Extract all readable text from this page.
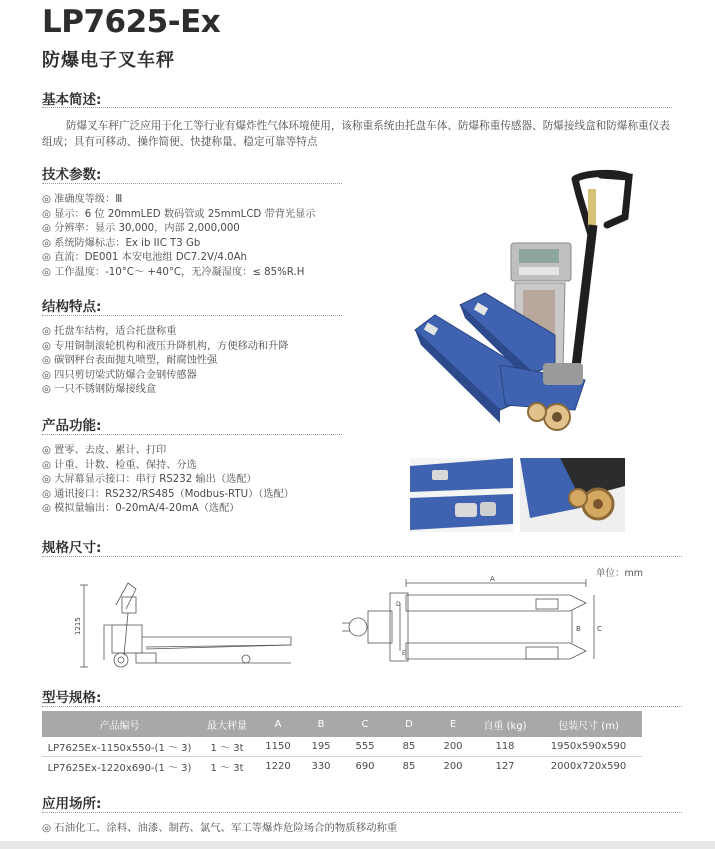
LP7625-Ex
防爆电子叉车秤
基本简述:
防爆叉车秤广泛应用于化工等行业有爆炸性气体环境使用，该称重系统由托盘车体、防爆称重传感器、防爆接线盒和防爆称重仪表组成；具有可移动、操作简便、快捷称量、稳定可靠等特点
技术参数:
◎ 准确度等级：Ⅲ
◎ 显示：6 位 20mmLED 数码管或 25mmLCD 带背光显示
◎ 分辨率：显示 30,000，内部 2,000,000
◎ 系统防爆标志：Ex ib IIC T3 Gb
◎ 直流：DE001 本安电池组 DC7.2V/4.0Ah
◎ 工作温度：-10°C～ +40°C，无冷凝湿度：≤ 85%R.H
结构特点:
◎ 托盘车结构，适合托盘称重
◎ 专用铜制滚轮机构和液压升降机构，方便移动和升降
◎ 碳钢秤台表面抛丸喷塑，耐腐蚀性强
◎ 四只剪切梁式防爆合金钢传感器
◎ 一只不锈钢防爆接线盒
产品功能:
◎ 置零、去皮、累计、打印
◎ 计重、计数、检重、保持、分选
◎ 大屏幕显示接口：串行 RS232 输出（选配）
◎ 通讯接口：RS232/RS485（Modbus-RTU）（选配）
◎ 模拟量输出：0-20mA/4-20mA（选配）
规格尺寸:
单位：mm
1215
A
B C
D
E
型号规格:
产品编号	最大秤量	A	B	C	D	E	自重 (kg)	包装尺寸 (m)
LP7625Ex-1150x550-(1 ～ 3)	1 ～ 3t	1150	195	555	85	200	118	1950x590x590
LP7625Ex-1220x690-(1 ～ 3)	1 ～ 3t	1220	330	690	85	200	127	2000x720x590
应用场所:
◎ 石油化工、涂料、油漆、制药、氯气、军工等爆炸危险场合的物质移动称重
